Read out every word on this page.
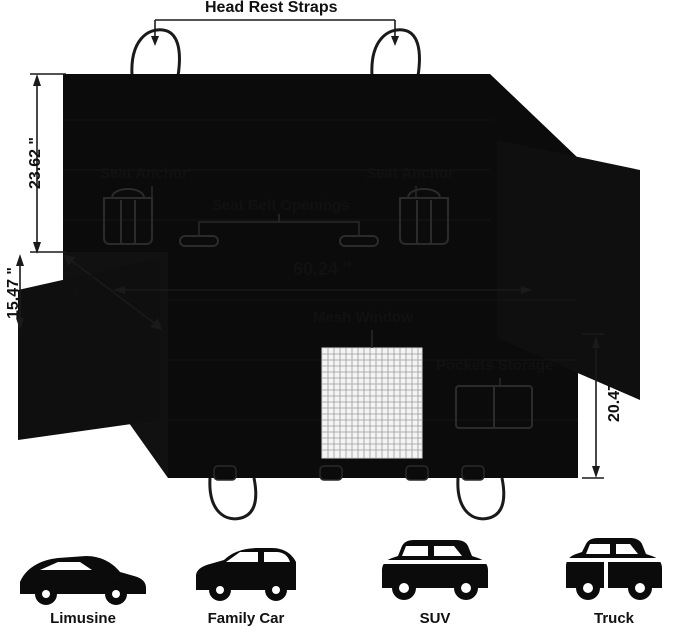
Head Rest Straps
Seat Anchor	Seat Anchor
Seat Belt Openings
Mesh Window
Pockets Storage
23.62 "
15.47 "	20 "
60.24 "
20.47 "
Limusine	Family Car	SUV	Truck
